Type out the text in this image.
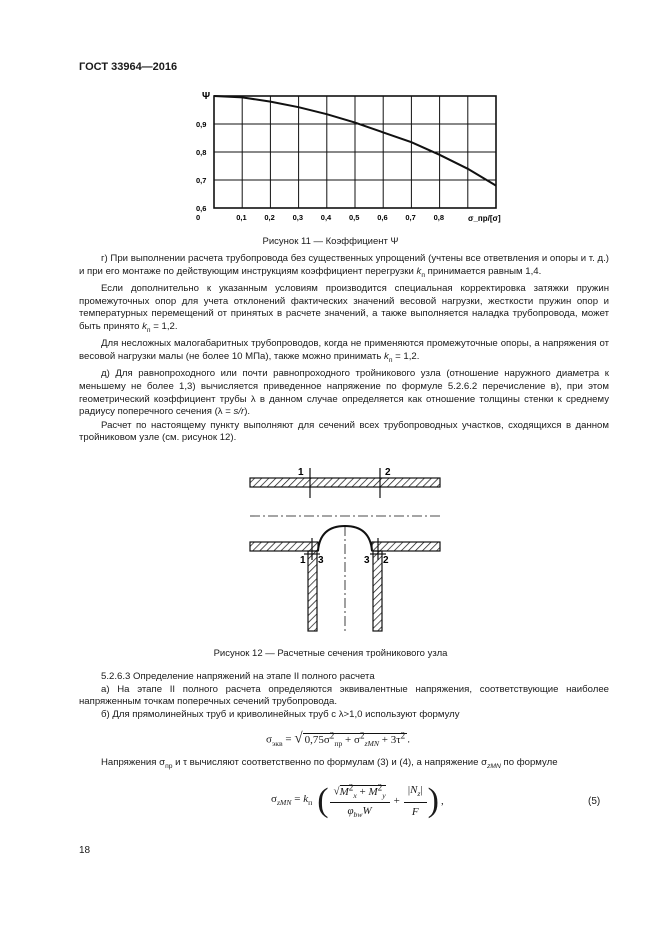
ГОСТ 33964—2016
0	0,1 0,2 0,3 0,4 0,5 0,6 0,7 0,8
0,7
0,8
0,9
0,6
Ψ
σ_пр/[σ]
Рисунок 11 — Коэффициент Ψ

г) При выполнении расчета трубопровода без существенных упрощений (учтены все ответвления и опоры и т. д.) и при его монтаже по действующим инструкциям коэффициент перегрузки $k_п$ принимается равным 1,4.

Если дополнительно к указанным условиям производится специальная корректировка затяжки пружин промежуточных опор для учета отклонений фактических значений весовой нагрузки, жесткости пружин опор и температурных перемещений от принятых в расчете значений, а также выполняется наладка трубопровода, может быть принято $k_п = 1,2$.

Для несложных малогабаритных трубопроводов, когда не применяются промежуточные опоры, а напряжения от весовой нагрузки малы (не более 10 МПа), также можно принимать $k_п = 1,2$.

д) Для равнопроходного или почти равнопроходного тройникового узла (отношение наружного диаметра к меньшему не более 1,3) вычисляется приведенное напряжение по формуле 5.2.6.2 перечисление в), при этом геометрический коэффициент трубы λ в данном случае определяется как отношение толщины стенки к среднему радиусу поперечного сечения (λ = s/r).

Расчет по настоящему пункту выполняют для сечений всех трубопроводных участков, сходящихся в данном тройниковом узле (см. рисунок 12).

1	2
1 3	3 2
Рисунок 12 — Расчетные сечения тройникового узла

5.2.6.3 Определение напряжений на этапе II полного расчета

а) На этапе II полного расчета определяются эквивалентные напряжения, соответствующие наиболее напряженным точкам поперечных сечений трубопровода.

б) Для прямолинейных труб и криволинейных труб с λ>1,0 используют формулу

$\sigma_{экв}$ = √ $0,75\sigma^2_{пр} + \sigma^2_{zMN} + 3\tau^2$ .

Напряжения $\sigma_{пр}$ и τ вычисляют соответственно по формулам (3) и (4), а напряжение $\sigma_{zMN}$ по формуле

$\sigma_{zMN} = k_п$	(	$√M^2_x + M^2_y$	+	$|N_z|$	)	,
		$\varphi_{bw}W$		F		
(5)
18
